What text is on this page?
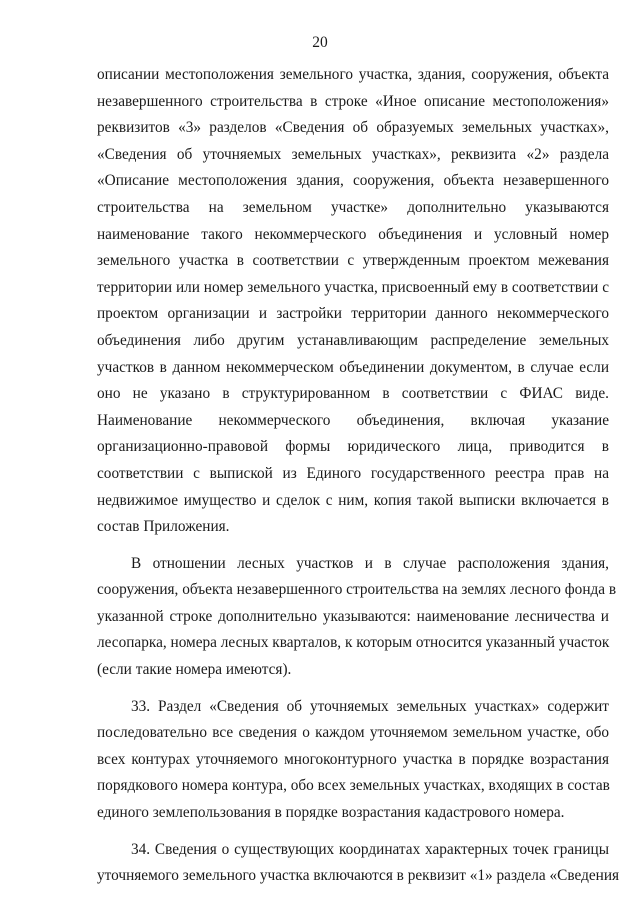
20
описании местоположения земельного участка, здания, сооружения, объекта
незавершенного строительства в строке «Иное описание местоположения»
реквизитов «3» разделов «Сведения об образуемых земельных участках»,
«Сведения об уточняемых земельных участках», реквизита «2» раздела
«Описание местоположения здания, сооружения, объекта незавершенного
строительства на земельном участке» дополнительно указываются
наименование такого некоммерческого объединения и условный номер
земельного участка в соответствии с утвержденным проектом межевания
территории или номер земельного участка, присвоенный ему в соответствии с
проектом организации и застройки территории данного некоммерческого
объединения либо другим устанавливающим распределение земельных
участков в данном некоммерческом объединении документом, в случае если
оно не указано в структурированном в соответствии с ФИАС виде.
Наименование некоммерческого объединения, включая указание
организационно-правовой формы юридического лица, приводится в
соответствии с выпиской из Единого государственного реестра прав на
недвижимое имущество и сделок с ним, копия такой выписки включается в
состав Приложения.
В отношении лесных участков и в случае расположения здания,
сооружения, объекта незавершенного строительства на землях лесного фонда в
указанной строке дополнительно указываются: наименование лесничества и
лесопарка, номера лесных кварталов, к которым относится указанный участок
(если такие номера имеются).
33. Раздел «Сведения об уточняемых земельных участках» содержит
последовательно все сведения о каждом уточняемом земельном участке, обо
всех контурах уточняемого многоконтурного участка в порядке возрастания
порядкового номера контура, обо всех земельных участках, входящих в состав
единого землепользования в порядке возрастания кадастрового номера.
34. Сведения о существующих координатах характерных точек границы
уточняемого земельного участка включаются в реквизит «1» раздела «Сведения
